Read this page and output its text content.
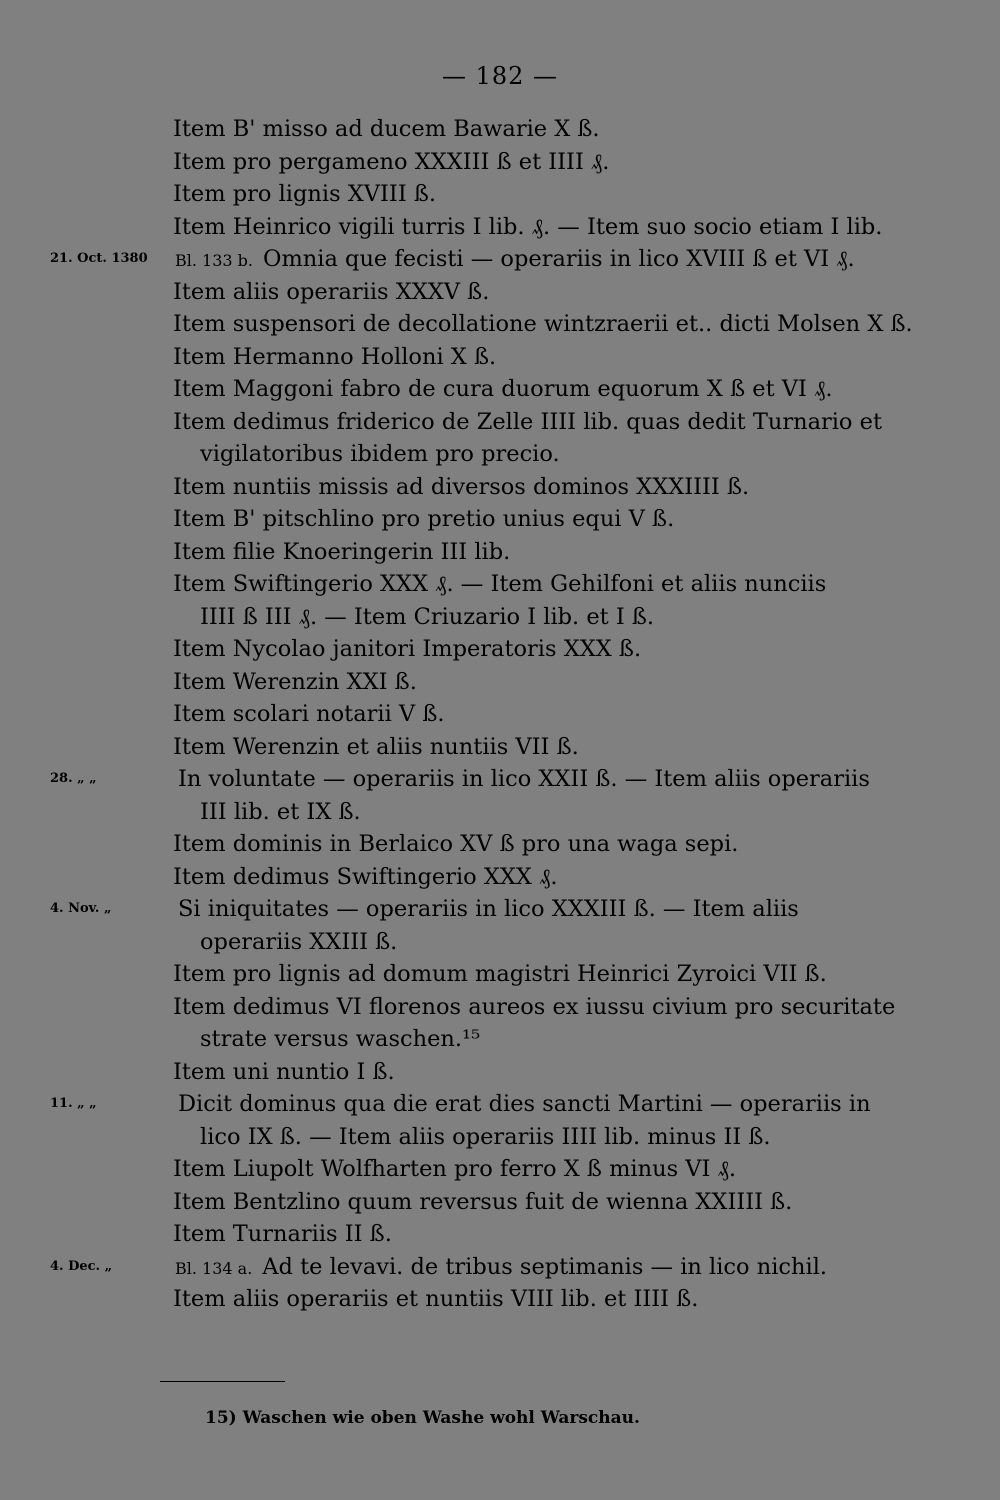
— 182 —
Item B' misso ad ducem Bawarie X ß.
Item pro pergameno XXXIII ß et IIII ₰.
Item pro lignis XVIII ß.
Item Heinrico vigili turris I lib. ₰. — Item suo socio etiam I lib.
21. Oct. 1380 Bl. 133 b. Omnia que fecisti — operariis in lico XVIII ß et VI ₰.
Item aliis operariis XXXV ß.
Item suspensori de decollatione wintzraerii et.. dicti Molsen X ß.
Item Hermanno Holloni X ß.
Item Maggoni fabro de cura duorum equorum X ß et VI ₰.
Item dedimus friderico de Zelle IIII lib. quas dedit Turnario et
vigilatoribus ibidem pro precio.
Item nuntiis missis ad diversos dominos XXXIIII ß.
Item B' pitschlino pro pretio unius equi V ß.
Item filie Knoeringerin III lib.
Item Swiftingerio XXX ₰. — Item Gehilfoni et aliis nunciis
IIII ß III ₰. — Item Criuzario I lib. et I ß.
Item Nycolao janitori Imperatoris XXX ß.
Item Werenzin XXI ß.
Item scolari notarii V ß.
Item Werenzin et aliis nuntiis VII ß.
28. „ „	In voluntate — operariis in lico XXII ß. — Item aliis operariis
III lib. et IX ß.
Item dominis in Berlaico XV ß pro una waga sepi.
Item dedimus Swiftingerio XXX ₰.
4. Nov. „	Si iniquitates — operariis in lico XXXIII ß. — Item aliis
operariis XXIII ß.
Item pro lignis ad domum magistri Heinrici Zyroici VII ß.
Item dedimus VI florenos aureos ex iussu civium pro securitate
strate versus waschen.¹⁵
Item uni nuntio I ß.
11. „ „	Dicit dominus qua die erat dies sancti Martini — operariis in
lico IX ß. — Item aliis operariis IIII lib. minus II ß.
Item Liupolt Wolfharten pro ferro X ß minus VI ₰.
Item Bentzlino quum reversus fuit de wienna XXIIII ß.
Item Turnariis II ß.
4. Dec. „	Bl. 134 a. Ad te levavi. de tribus septimanis — in lico nichil.
Item aliis operariis et nuntiis VIII lib. et IIII ß.
15) Waschen wie oben Washe wohl Warschau.
